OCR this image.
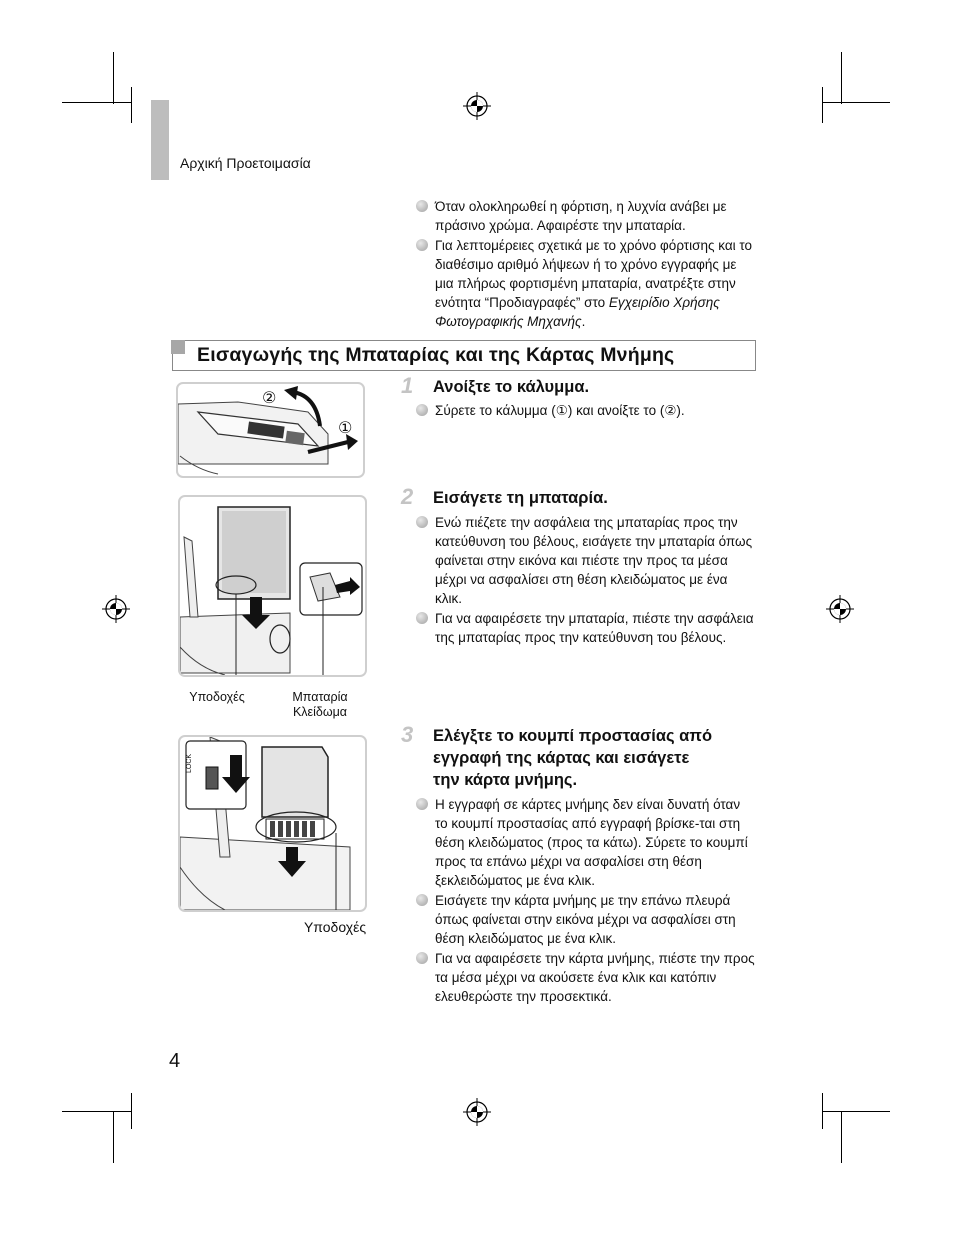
Αρχική Προετοιμασία
Όταν ολοκληρωθεί η φόρτιση, η λυχνία ανάβει με πράσινο χρώμα. Αφαιρέστε την μπαταρία.
Για λεπτομέρειες σχετικά με το χρόνο φόρτισης και το διαθέσιμο αριθμό λήψεων ή το χρόνο εγγραφής με μια πλήρως φορτισμένη μπαταρία, ανατρέξτε στην ενότητα “Προδιαγραφές” στο Εγχειρίδιο Χρήσης Φωτογραφικής Μηχανής.
Εισαγωγής της Μπαταρίας και της Κάρτας Μνήμης
②
①
Υποδοχές	Μπαταρία
Κλείδωμα
LOCK
Υποδοχές
1 Ανοίξτε το κάλυμμα.
Σύρετε το κάλυμμα (①) και ανοίξτε το (②).
2 Εισάγετε τη μπαταρία.
Ενώ πιέζετε την ασφάλεια της μπαταρίας προς την κατεύθυνση του βέλους, εισάγετε την μπαταρία όπως φαίνεται στην εικόνα και πιέστε την προς τα μέσα μέχρι να ασφαλίσει στη θέση κλειδώματος με ένα κλικ.
Για να αφαιρέσετε την μπαταρία, πιέστε την ασφάλεια της μπαταρίας προς την κατεύθυνση του βέλους.
3 Ελέγξτε το κουμπί προστασίας από
εγγραφή της κάρτας και εισάγετε
την κάρτα μνήμης.
Η εγγραφή σε κάρτες μνήμης δεν είναι δυνατή όταν το κουμπί προστασίας από εγγραφή βρίσκε-ται στη θέση κλειδώματος (προς τα κάτω). Σύρετε το κουμπί προς τα επάνω μέχρι να ασφαλίσει στη θέση ξεκλειδώματος με ένα κλικ.
Εισάγετε την κάρτα μνήμης με την επάνω πλευρά όπως φαίνεται στην εικόνα μέχρι να ασφαλίσει στη θέση κλειδώματος με ένα κλικ.
Για να αφαιρέσετε την κάρτα μνήμης, πιέστε την προς τα μέσα μέχρι να ακούσετε ένα κλικ και κατόπιν ελευθερώστε την προσεκτικά.
4
